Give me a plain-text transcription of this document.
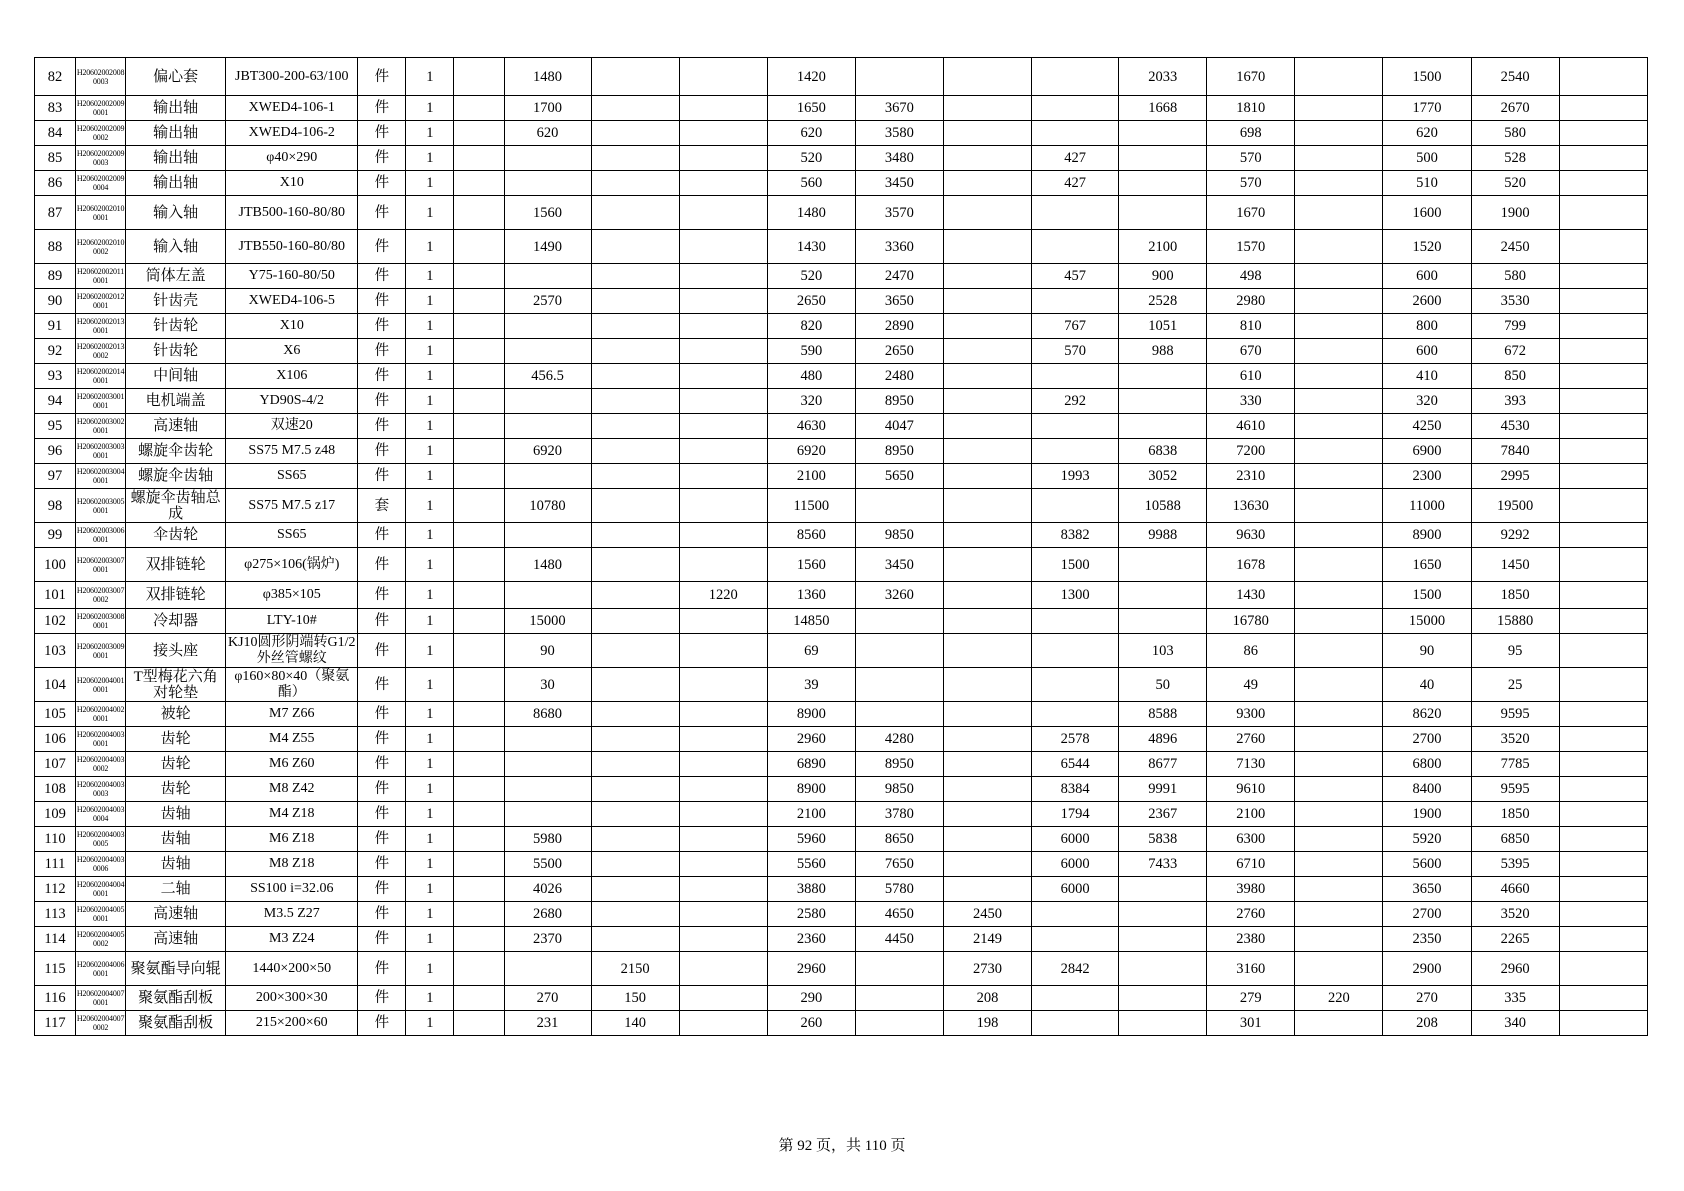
82	H20602002008 0003	偏心套	JBT300-200-63/100	件	1		1480			1420				2033	1670		1500	2540	
83	H20602002009 0001	输出轴	XWED4-106-1	件	1		1700			1650	3670			1668	1810		1770	2670	
84	H20602002009 0002	输出轴	XWED4-106-2	件	1		620			620	3580				698		620	580	
85	H20602002009 0003	输出轴	φ40×290	件	1					520	3480		427		570		500	528	
86	H20602002009 0004	输出轴	X10	件	1					560	3450		427		570		510	520	
87	H20602002010 0001	输入轴	JTB500-160-80/80	件	1		1560			1480	3570				1670		1600	1900	
88	H20602002010 0002	输入轴	JTB550-160-80/80	件	1		1490			1430	3360			2100	1570		1520	2450	
89	H20602002011 0001	筒体左盖	Y75-160-80/50	件	1					520	2470		457	900	498		600	580	
90	H20602002012 0001	针齿壳	XWED4-106-5	件	1		2570			2650	3650			2528	2980		2600	3530	
91	H20602002013 0001	针齿轮	X10	件	1					820	2890		767	1051	810		800	799	
92	H20602002013 0002	针齿轮	X6	件	1					590	2650		570	988	670		600	672	
93	H20602002014 0001	中间轴	X106	件	1		456.5			480	2480				610		410	850	
94	H20602003001 0001	电机端盖	YD90S-4/2	件	1					320	8950		292		330		320	393	
95	H20602003002 0001	高速轴	双速20	件	1					4630	4047				4610		4250	4530	
96	H20602003003 0001	螺旋伞齿轮	SS75 M7.5 z48	件	1		6920			6920	8950			6838	7200		6900	7840	
97	H20602003004 0001	螺旋伞齿轴	SS65	件	1					2100	5650		1993	3052	2310		2300	2995	
98	H20602003005 0001	螺旋伞齿轴总成	SS75 M7.5 z17	套	1		10780			11500				10588	13630		11000	19500	
99	H20602003006 0001	伞齿轮	SS65	件	1					8560	9850		8382	9988	9630		8900	9292	
100	H20602003007 0001	双排链轮	φ275×106(锅炉)	件	1		1480			1560	3450		1500		1678		1650	1450	
101	H20602003007 0002	双排链轮	φ385×105	件	1				1220	1360	3260		1300		1430		1500	1850	
102	H20602003008 0001	冷却器	LTY-10#	件	1		15000			14850					16780		15000	15880	
103	H20602003009 0001	接头座	KJ10圆形阴端转G1/2外丝管螺纹	件	1		90			69				103	86		90	95	
104	H20602004001 0001	T型梅花六角对轮垫	φ160×80×40（聚氨酯）	件	1		30			39				50	49		40	25	
105	H20602004002 0001	被轮	M7 Z66	件	1		8680			8900				8588	9300		8620	9595	
106	H20602004003 0001	齿轮	M4 Z55	件	1					2960	4280		2578	4896	2760		2700	3520	
107	H20602004003 0002	齿轮	M6 Z60	件	1					6890	8950		6544	8677	7130		6800	7785	
108	H20602004003 0003	齿轮	M8 Z42	件	1					8900	9850		8384	9991	9610		8400	9595	
109	H20602004003 0004	齿轴	M4 Z18	件	1					2100	3780		1794	2367	2100		1900	1850	
110	H20602004003 0005	齿轴	M6 Z18	件	1		5980			5960	8650		6000	5838	6300		5920	6850	
111	H20602004003 0006	齿轴	M8 Z18	件	1		5500			5560	7650		6000	7433	6710		5600	5395	
112	H20602004004 0001	二轴	SS100 i=32.06	件	1		4026			3880	5780		6000		3980		3650	4660	
113	H20602004005 0001	高速轴	M3.5 Z27	件	1		2680			2580	4650	2450			2760		2700	3520	
114	H20602004005 0002	高速轴	M3 Z24	件	1		2370			2360	4450	2149			2380		2350	2265	
115	H20602004006 0001	聚氨酯导向辊	1440×200×50	件	1			2150		2960		2730	2842		3160		2900	2960	
116	H20602004007 0001	聚氨酯刮板	200×300×30	件	1		270	150		290		208			279	220	270	335	
117	H20602004007 0002	聚氨酯刮板	215×200×60	件	1		231	140		260		198			301		208	340	
第 92 页，共 110 页
